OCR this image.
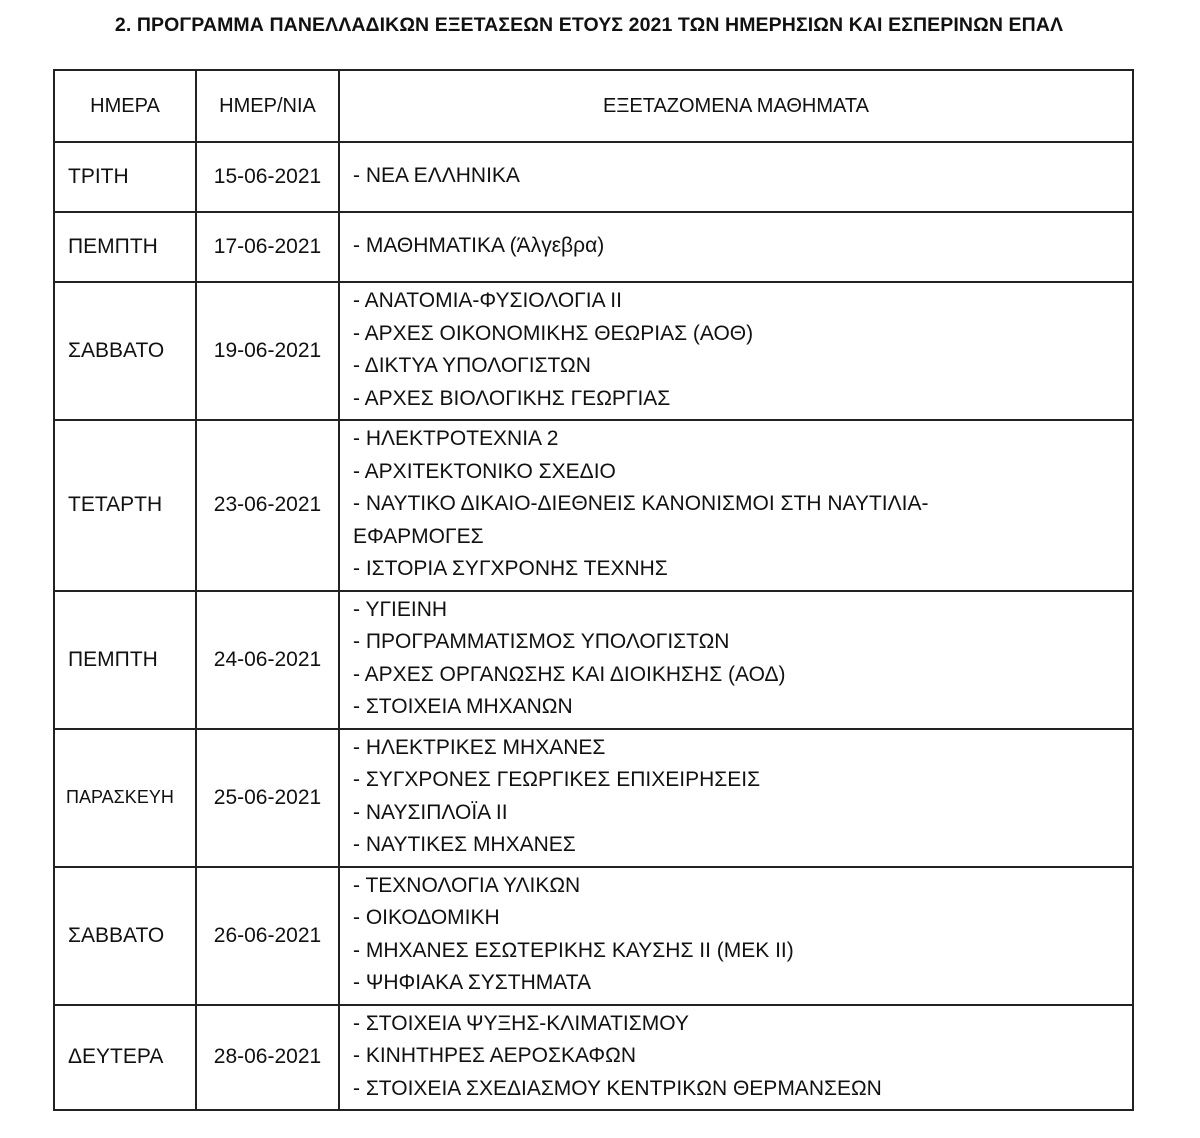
2. ΠΡΟΓΡΑΜΜΑ ΠΑΝΕΛΛΑΔΙΚΩΝ ΕΞΕΤΑΣΕΩΝ ΕΤΟΥΣ 2021 ΤΩΝ ΗΜΕΡΗΣΙΩΝ ΚΑΙ ΕΣΠΕΡΙΝΩΝ ΕΠΑΛ
ΗΜΕΡΑ	ΗΜΕΡ/ΝΙΑ	ΕΞΕΤΑΖΟΜΕΝΑ ΜΑΘΗΜΑΤΑ
ΤΡΙΤΗ	15-06-2021	- ΝΕΑ ΕΛΛΗΝΙΚΑ

ΠΕΜΠΤΗ	17-06-2021	- ΜΑΘΗΜΑΤΙΚΑ (Άλγεβρα)

ΣΑΒΒΑΤΟ	19-06-2021	- ΑΝΑΤΟΜΙΑ-ΦΥΣΙΟΛΟΓΙΑ ΙΙ
- ΑΡΧΕΣ ΟΙΚΟΝΟΜΙΚΗΣ ΘΕΩΡΙΑΣ (ΑΟΘ)
- ΔΙΚΤΥΑ ΥΠΟΛΟΓΙΣΤΩΝ
- ΑΡΧΕΣ ΒΙΟΛΟΓΙΚΗΣ ΓΕΩΡΓΙΑΣ

ΤΕΤΑΡΤΗ	23-06-2021	- ΗΛΕΚΤΡΟΤΕΧΝΙΑ 2
- ΑΡΧΙΤΕΚΤΟΝΙΚΟ ΣΧΕΔΙΟ
- ΝΑΥΤΙΚΟ ΔΙΚΑΙΟ-ΔΙΕΘΝΕΙΣ ΚΑΝΟΝΙΣΜΟΙ ΣΤΗ ΝΑΥΤΙΛΙΑ-
ΕΦΑΡΜΟΓΕΣ
- ΙΣΤΟΡΙΑ ΣΥΓΧΡΟΝΗΣ ΤΕΧΝΗΣ

ΠΕΜΠΤΗ	24-06-2021	- ΥΓΙΕΙΝΗ
- ΠΡΟΓΡΑΜΜΑΤΙΣΜΟΣ ΥΠΟΛΟΓΙΣΤΩΝ
- ΑΡΧΕΣ ΟΡΓΑΝΩΣΗΣ ΚΑΙ ΔΙΟΙΚΗΣΗΣ (ΑΟΔ)
- ΣΤΟΙΧΕΙΑ ΜΗΧΑΝΩΝ

ΠΑΡΑΣΚΕΥΗ	25-06-2021	- ΗΛΕΚΤΡΙΚΕΣ ΜΗΧΑΝΕΣ
- ΣΥΓΧΡΟΝΕΣ ΓΕΩΡΓΙΚΕΣ ΕΠΙΧΕΙΡΗΣΕΙΣ
- ΝΑΥΣΙΠΛΟΪΑ ΙΙ
- ΝΑΥΤΙΚΕΣ ΜΗΧΑΝΕΣ

ΣΑΒΒΑΤΟ	26-06-2021	- ΤΕΧΝΟΛΟΓΙΑ ΥΛΙΚΩΝ
- ΟΙΚΟΔΟΜΙΚΗ
- ΜΗΧΑΝΕΣ ΕΣΩΤΕΡΙΚΗΣ ΚΑΥΣΗΣ ΙΙ (ΜΕΚ ΙΙ)
- ΨΗΦΙΑΚΑ ΣΥΣΤΗΜΑΤΑ

ΔΕΥΤΕΡΑ	28-06-2021	- ΣΤΟΙΧΕΙΑ ΨΥΞΗΣ-ΚΛΙΜΑΤΙΣΜΟΥ
- ΚΙΝΗΤΗΡΕΣ ΑΕΡΟΣΚΑΦΩΝ
- ΣΤΟΙΧΕΙΑ ΣΧΕΔΙΑΣΜΟΥ ΚΕΝΤΡΙΚΩΝ ΘΕΡΜΑΝΣΕΩΝ
